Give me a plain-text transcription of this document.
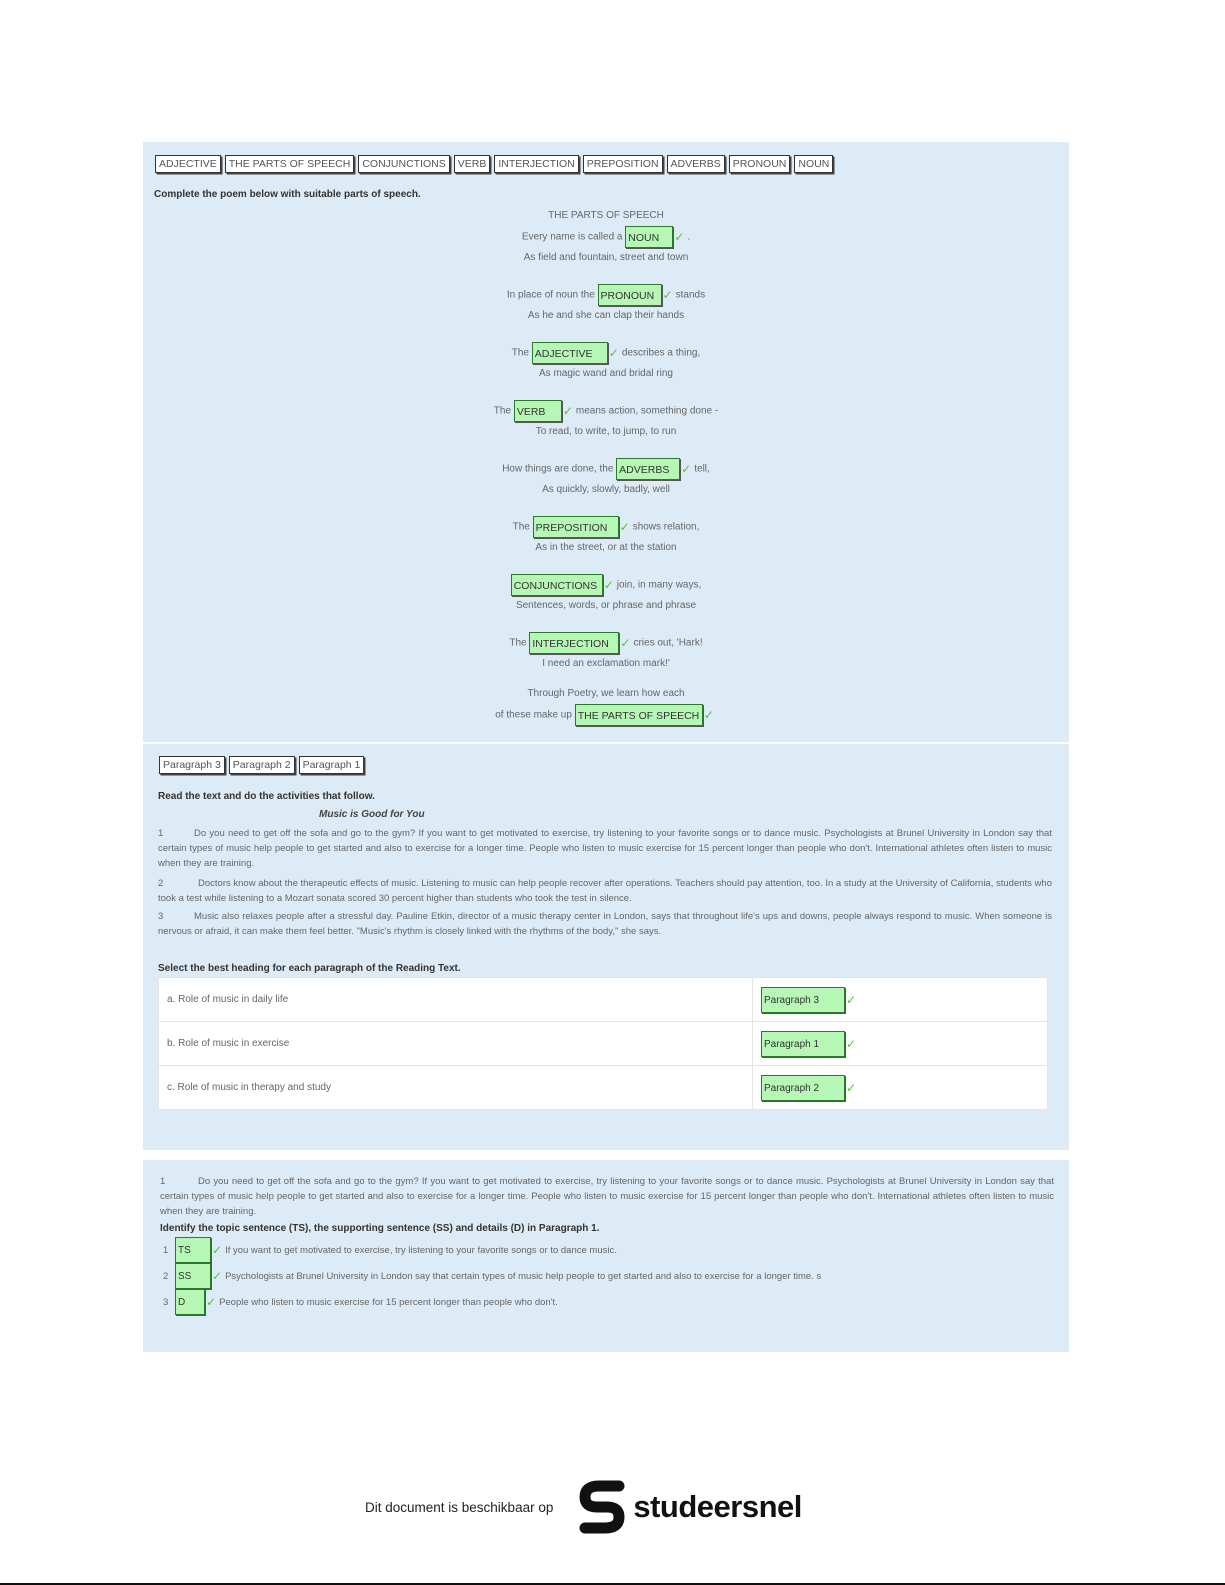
ADJECTIVE	THE PARTS OF SPEECH	CONJUNCTIONS	VERB	INTERJECTION	PREPOSITION	ADVERBS	PRONOUN	NOUN
Complete the poem below with suitable parts of speech.
THE PARTS OF SPEECH
Every name is called a NOUN ✓ .
As field and fountain, street and town
In place of noun the PRONOUN ✓ stands
As he and she can clap their hands
The ADJECTIVE ✓ describes a thing,
As magic wand and bridal ring
The VERB ✓ means action, something done -
To read, to write, to jump, to run
How things are done, the ADVERBS ✓ tell,
As quickly, slowly, badly, well
The PREPOSITION ✓ shows relation,
As in the street, or at the station
CONJUNCTIONS ✓ join, in many ways,
Sentences, words, or phrase and phrase
The INTERJECTION ✓ cries out, 'Hark!
I need an exclamation mark!'
Through Poetry, we learn how each
of these make up THE PARTS OF SPEECH ✓
Paragraph 3	Paragraph 2	Paragraph 1
Read the text and do the activities that follow.
Music is Good for You
1	Do you need to get off the sofa and go to the gym? If you want to get motivated to exercise, try listening to your favorite songs or to dance music. Psychologists at Brunel University in London say that certain types of music help people to get started and also to exercise for a longer time. People who listen to music exercise for 15 percent longer than people who don't. International athletes often listen to music when they are training.
2	Doctors know about the therapeutic effects of music. Listening to music can help people recover after operations. Teachers should pay attention, too. In a study at the University of California, students who took a test while listening to a Mozart sonata scored 30 percent higher than students who took the test in silence.
3	Music also relaxes people after a stressful day. Pauline Etkin, director of a music therapy center in London, says that throughout life's ups and downs, people always respond to music. When someone is nervous or afraid, it can make them feel better. "Music's rhythm is closely linked with the rhythms of the body," she says.
Select the best heading for each paragraph of the Reading Text.
a. Role of music in daily life	Paragraph 3 ✓
b. Role of music in exercise	Paragraph 1 ✓
c. Role of music in therapy and study	Paragraph 2 ✓
1	Do you need to get off the sofa and go to the gym? If you want to get motivated to exercise, try listening to your favorite songs or to dance music. Psychologists at Brunel University in London say that certain types of music help people to get started and also to exercise for a longer time. People who listen to music exercise for 15 percent longer than people who don't. International athletes often listen to music when they are training.
Identify the topic sentence (TS), the supporting sentence (SS) and details (D) in Paragraph 1.
1 TS	✓ If you want to get motivated to exercise, try listening to your favorite songs or to dance music.
2 SS	✓ Psychologists at Brunel University in London say that certain types of music help people to get started and also to exercise for a longer time. s
3 D	✓ People who listen to music exercise for 15 percent longer than people who don't.
Dit document is beschikbaar op	studeersnel
